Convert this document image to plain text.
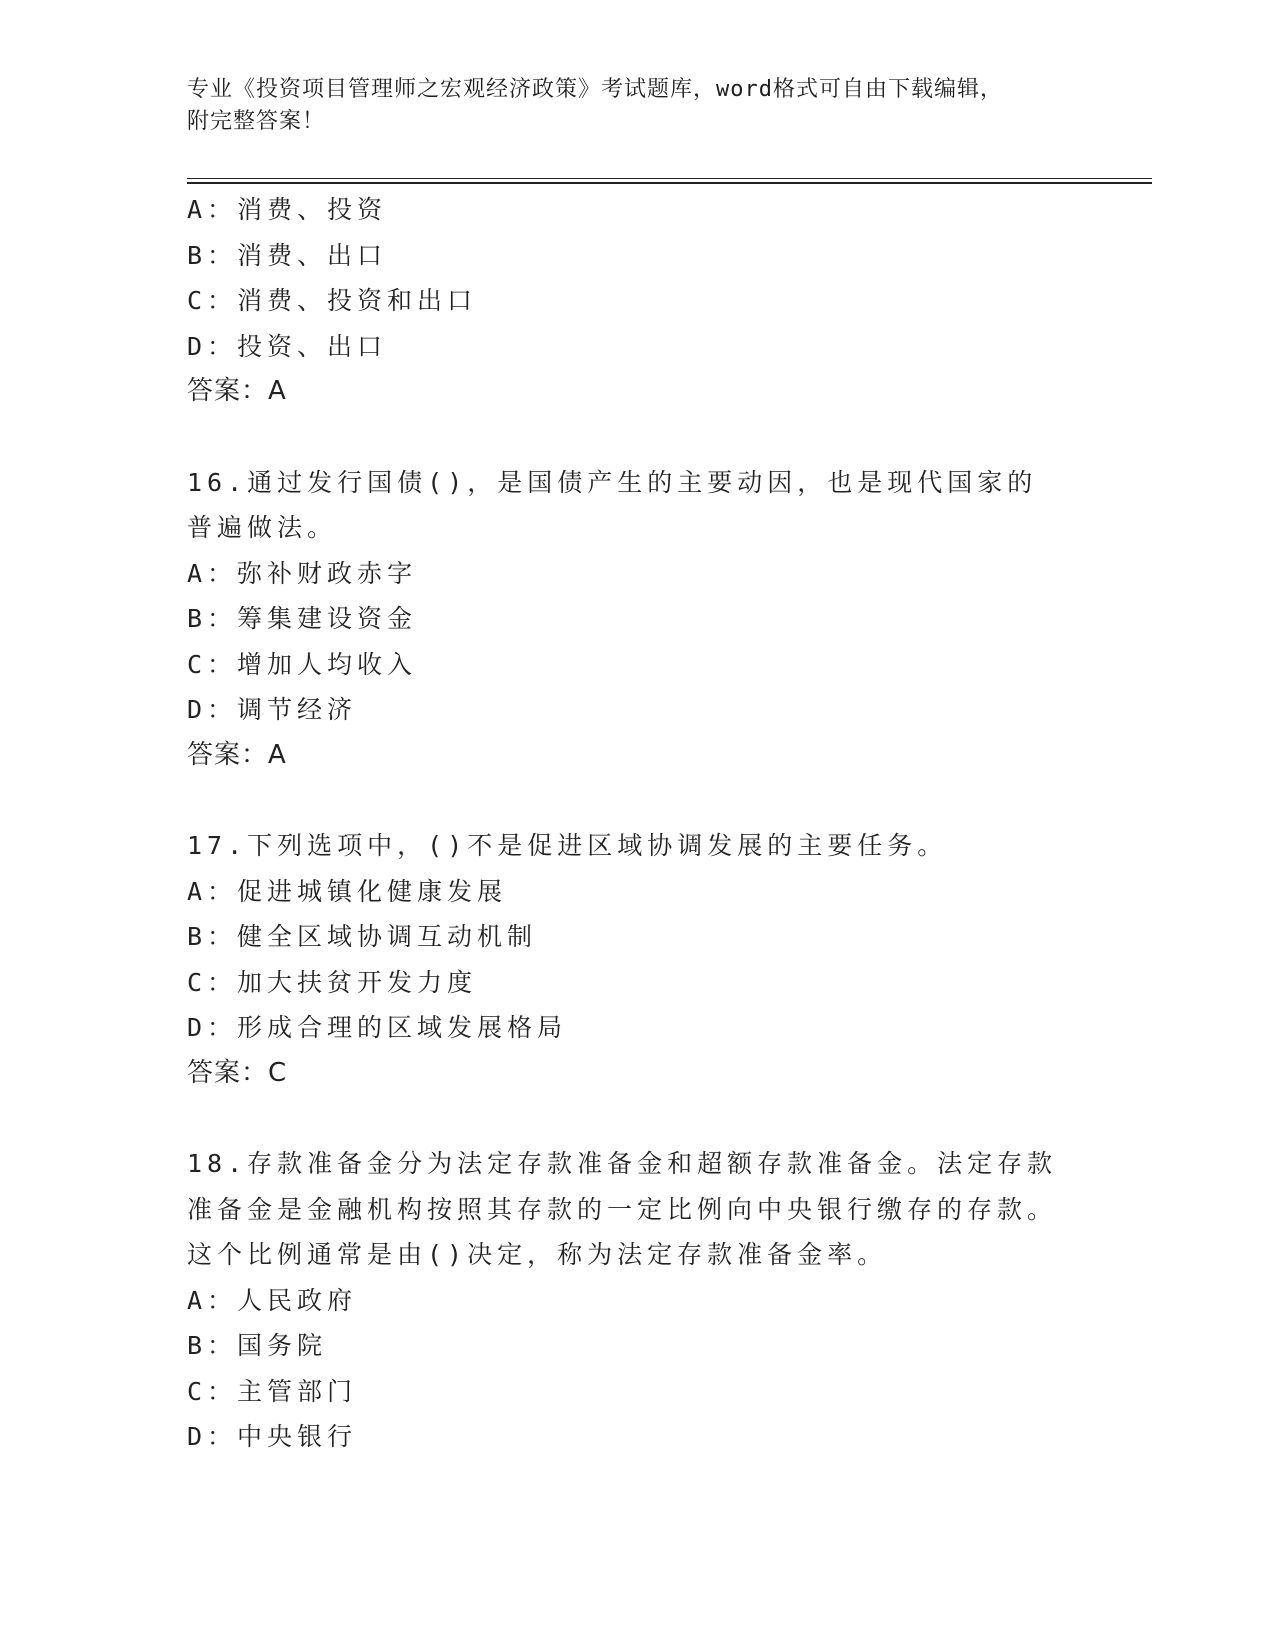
专业《投资项目管理师之宏观经济政策》考试题库，word格式可自由下载编辑，
附完整答案！
A：消费、投资
B：消费、出口
C：消费、投资和出口
D：投资、出口
答案：A
16.通过发行国债()，是国债产生的主要动因，也是现代国家的普遍做法。
A：弥补财政赤字
B：筹集建设资金
C：增加人均收入
D：调节经济
答案：A
17.下列选项中，()不是促进区域协调发展的主要任务。
A：促进城镇化健康发展
B：健全区域协调互动机制
C：加大扶贫开发力度
D：形成合理的区域发展格局
答案：C
18.存款准备金分为法定存款准备金和超额存款准备金。法定存款准备金是金融机构按照其存款的一定比例向中央银行缴存的存款。这个比例通常是由()决定，称为法定存款准备金率。
A：人民政府
B：国务院
C：主管部门
D：中央银行
